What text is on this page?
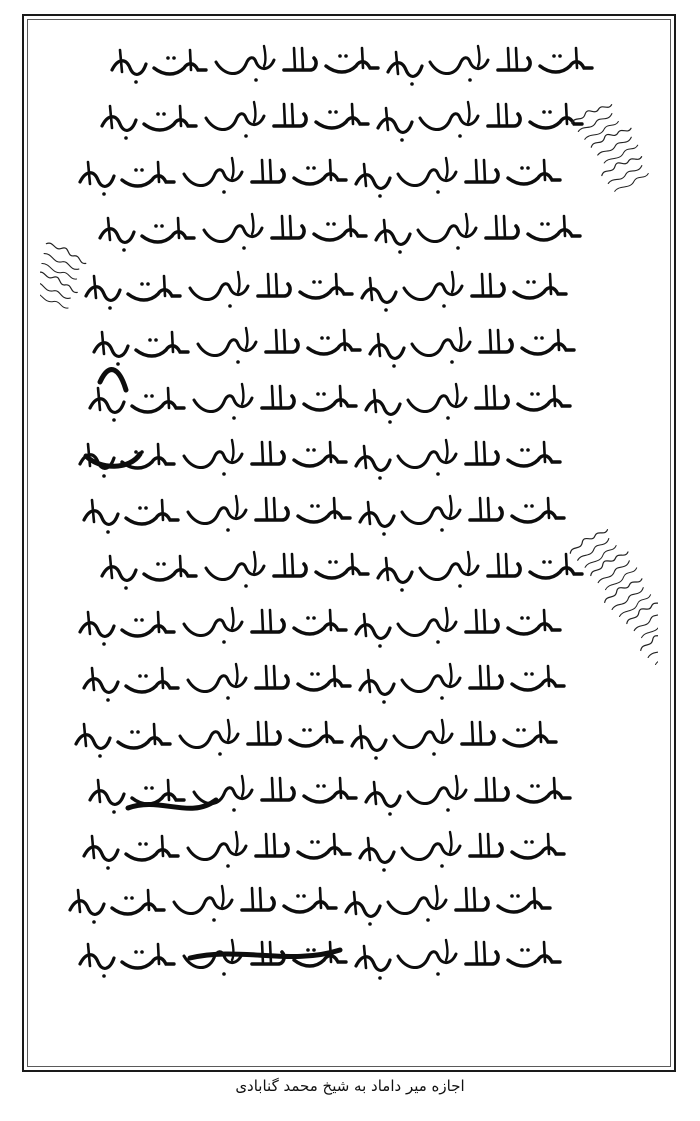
اجازه میر داماد به شیخ محمد گنابادی
